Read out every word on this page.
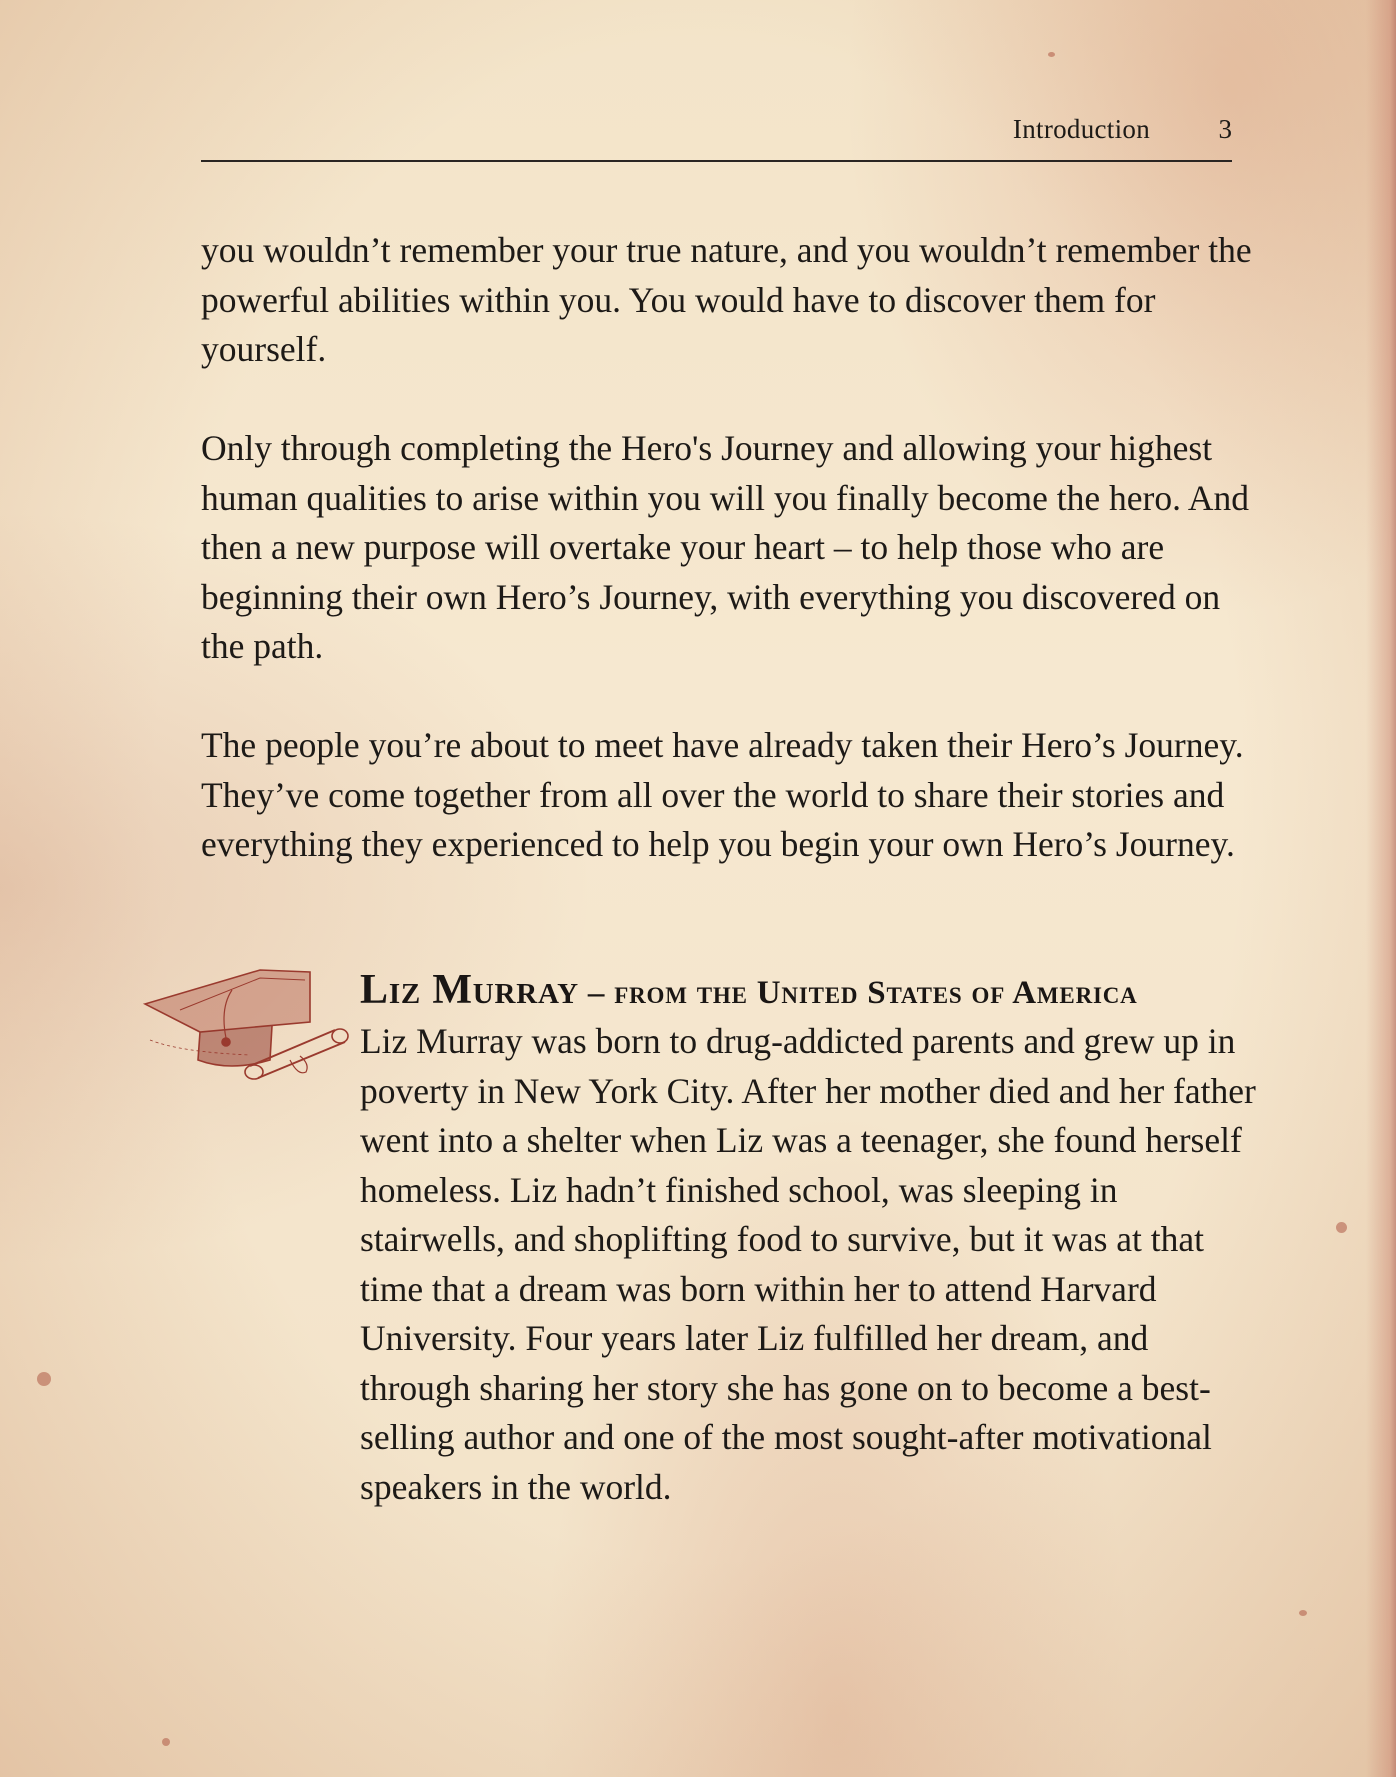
Introduction	3

you wouldn’t remember your true nature, and you wouldn’t remember the powerful abilities within you. You would have to discover them for yourself.

Only through completing the Hero's Journey and allowing your highest human qualities to arise within you will you finally become the hero. And then a new purpose will overtake your heart – to help those who are beginning their own Hero’s Journey, with everything you discovered on the path.

The people you’re about to meet have already taken their Hero’s Journey. They’ve come together from all over the world to share their stories and everything they experienced to help you begin your own Hero’s Journey.

Liz Murray – from the United States of America

Liz Murray was born to drug-addicted parents and grew up in poverty in New York City. After her mother died and her father went into a shelter when Liz was a teenager, she found herself homeless. Liz hadn’t finished school, was sleeping in stairwells, and shoplifting food to survive, but it was at that time that a dream was born within her to attend Harvard University. Four years later Liz fulfilled her dream, and through sharing her story she has gone on to become a best-selling author and one of the most sought-after motivational speakers in the world.
